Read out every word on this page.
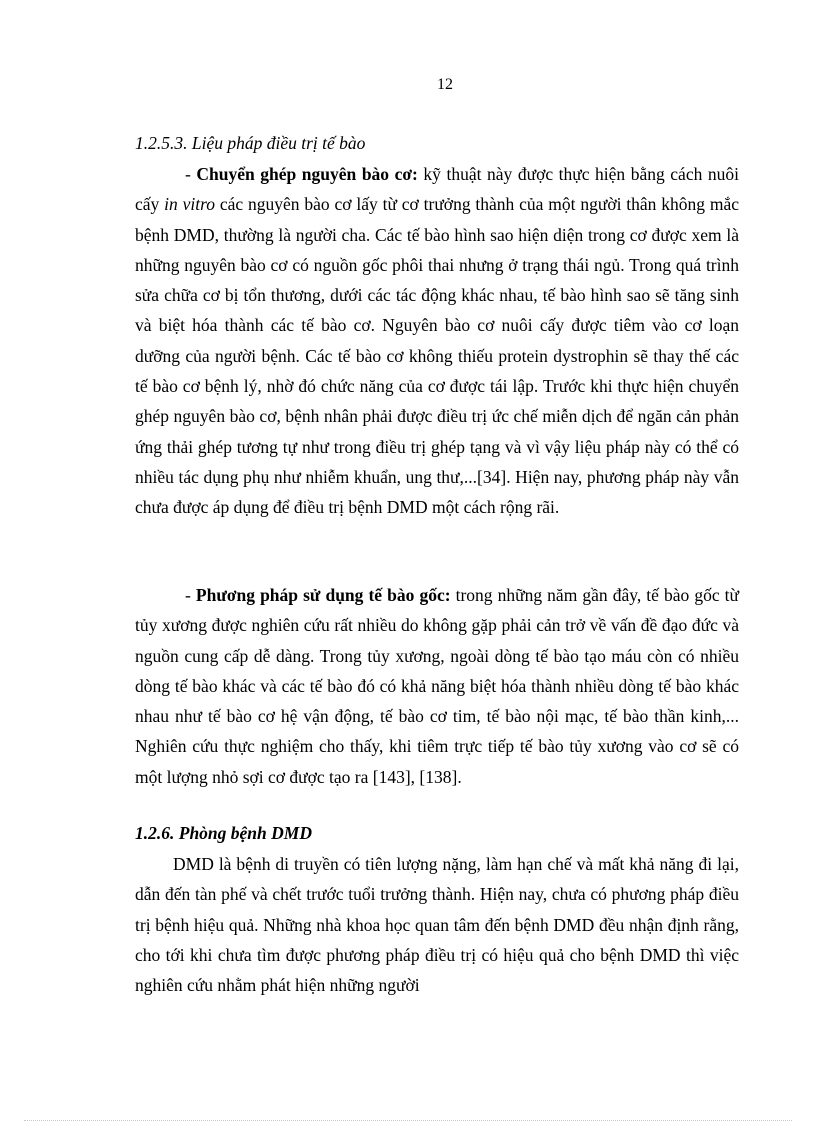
12
1.2.5.3. Liệu pháp điều trị tế bào

- Chuyển ghép nguyên bào cơ: kỹ thuật này được thực hiện bằng cách nuôi cấy in vitro các nguyên bào cơ lấy từ cơ trưởng thành của một người thân không mắc bệnh DMD, thường là người cha. Các tế bào hình sao hiện diện trong cơ được xem là những nguyên bào cơ có nguồn gốc phôi thai nhưng ở trạng thái ngủ. Trong quá trình sửa chữa cơ bị tổn thương, dưới các tác động khác nhau, tế bào hình sao sẽ tăng sinh và biệt hóa thành các tế bào cơ. Nguyên bào cơ nuôi cấy được tiêm vào cơ loạn dưỡng của người bệnh. Các tế bào cơ không thiếu protein dystrophin sẽ thay thế các tế bào cơ bệnh lý, nhờ đó chức năng của cơ được tái lập. Trước khi thực hiện chuyển ghép nguyên bào cơ, bệnh nhân phải được điều trị ức chế miễn dịch để ngăn cản phản ứng thải ghép tương tự như trong điều trị ghép tạng và vì vậy liệu pháp này có thể có nhiều tác dụng phụ như nhiễm khuẩn, ung thư,...[34]. Hiện nay, phương pháp này vẫn chưa được áp dụng để điều trị bệnh DMD một cách rộng rãi.

- Phương pháp sử dụng tế bào gốc: trong những năm gần đây, tế bào gốc từ tủy xương được nghiên cứu rất nhiều do không gặp phải cản trở về vấn đề đạo đức và nguồn cung cấp dễ dàng. Trong tủy xương, ngoài dòng tế bào tạo máu còn có nhiều dòng tế bào khác và các tế bào đó có khả năng biệt hóa thành nhiều dòng tế bào khác nhau như tế bào cơ hệ vận động, tế bào cơ tim, tế bào nội mạc, tế bào thần kinh,... Nghiên cứu thực nghiệm cho thấy, khi tiêm trực tiếp tế bào tủy xương vào cơ sẽ có một lượng nhỏ sợi cơ được tạo ra [143], [138].

1.2.6. Phòng bệnh DMD

DMD là bệnh di truyền có tiên lượng nặng, làm hạn chế và mất khả năng đi lại, dẫn đến tàn phế và chết trước tuổi trưởng thành. Hiện nay, chưa có phương pháp điều trị bệnh hiệu quả. Những nhà khoa học quan tâm đến bệnh DMD đều nhận định rằng, cho tới khi chưa tìm được phương pháp điều trị có hiệu quả cho bệnh DMD thì việc nghiên cứu nhằm phát hiện những người
